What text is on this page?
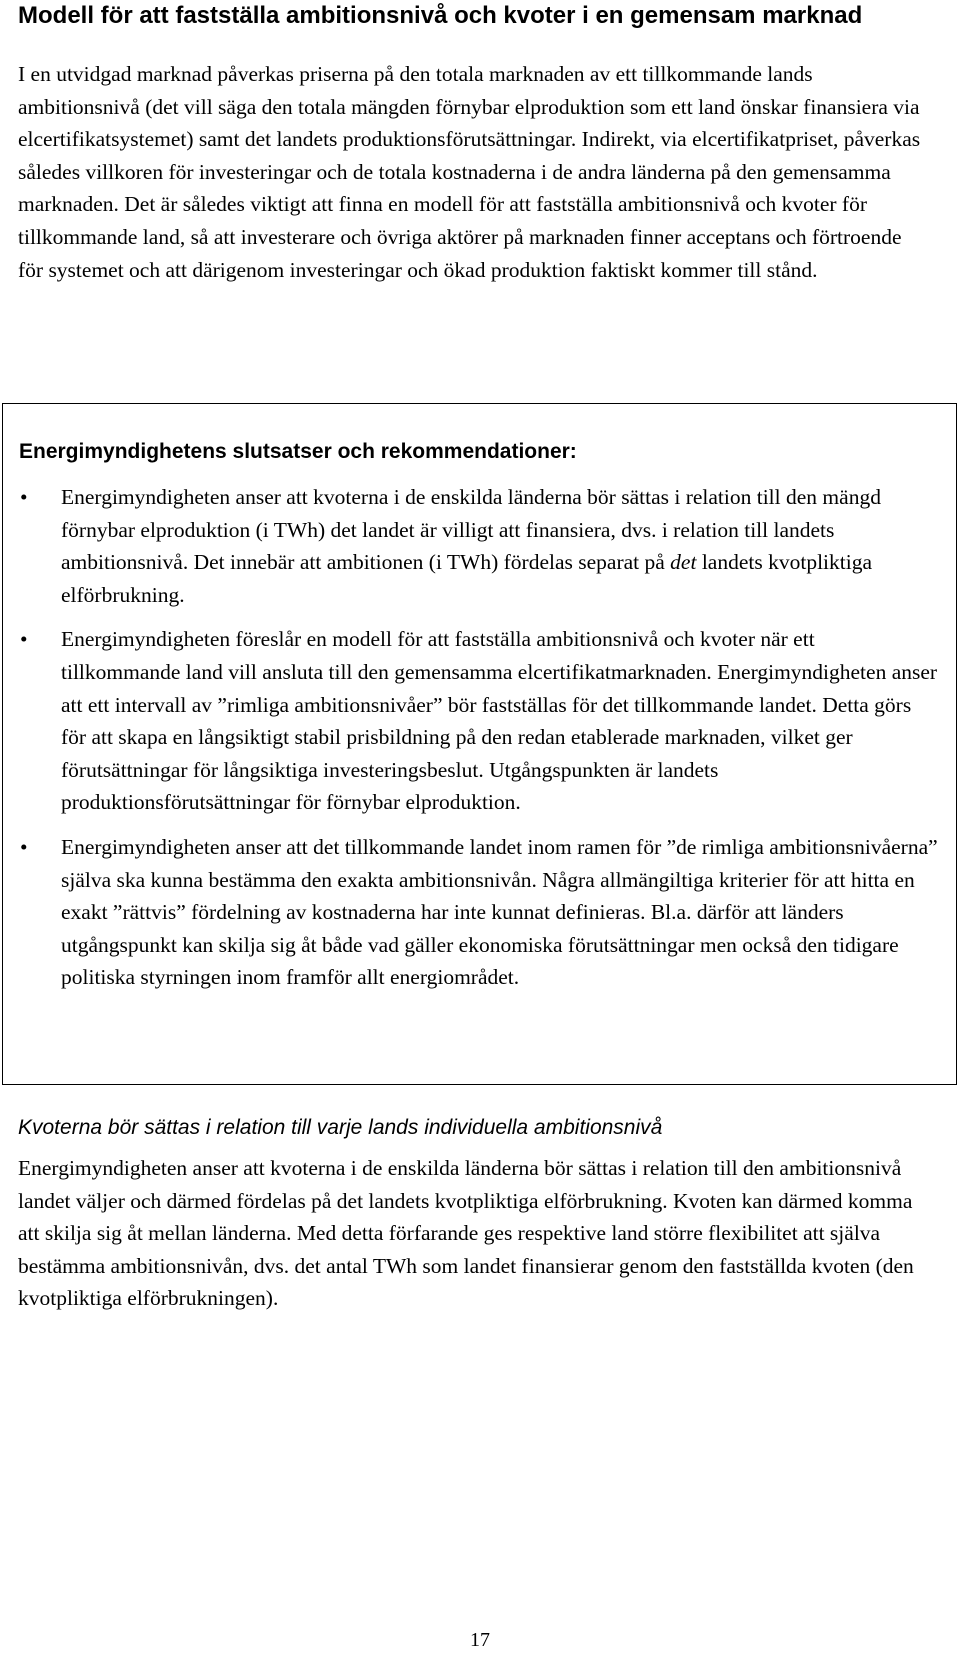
Modell för att fastställa ambitionsnivå och kvoter i en gemensam marknad

I en utvidgad marknad påverkas priserna på den totala marknaden av ett tillkommande lands ambitionsnivå (det vill säga den totala mängden förnybar elproduktion som ett land önskar finansiera via elcertifikatsystemet) samt det landets produktionsförutsättningar. Indirekt, via elcertifikatpriset, påverkas således villkoren för investeringar och de totala kostnaderna i de andra länderna på den gemensamma marknaden. Det är således viktigt att finna en modell för att fastställa ambitionsnivå och kvoter för tillkommande land, så att investerare och övriga aktörer på marknaden finner acceptans och förtroende för systemet och att därigenom investeringar och ökad produktion faktiskt kommer till stånd.

Energimyndighetens slutsatser och rekommendationer:
• Energimyndigheten anser att kvoterna i de enskilda länderna bör sättas i relation till den mängd förnybar elproduktion (i TWh) det landet är villigt att finansiera, dvs. i relation till landets ambitionsnivå. Det innebär att ambitionen (i TWh) fördelas separat på det landets kvotpliktiga elförbrukning.

• Energimyndigheten föreslår en modell för att fastställa ambitionsnivå och kvoter när ett tillkommande land vill ansluta till den gemensamma elcertifikatmarknaden. Energimyndigheten anser att ett intervall av ”rimliga ambitionsnivåer” bör fastställas för det tillkommande landet. Detta görs för att skapa en långsiktigt stabil prisbildning på den redan etablerade marknaden, vilket ger förutsättningar för långsiktiga investeringsbeslut. Utgångspunkten är landets produktionsförutsättningar för förnybar elproduktion.

• Energimyndigheten anser att det tillkommande landet inom ramen för ”de rimliga ambitionsnivåerna” själva ska kunna bestämma den exakta ambitionsnivån. Några allmängiltiga kriterier för att hitta en exakt ”rättvis” fördelning av kostnaderna har inte kunnat definieras. Bl.a. därför att länders utgångspunkt kan skilja sig åt både vad gäller ekonomiska förutsättningar men också den tidigare politiska styrningen inom framför allt energiområdet.

Kvoterna bör sättas i relation till varje lands individuella ambitionsnivå

Energimyndigheten anser att kvoterna i de enskilda länderna bör sättas i relation till den ambitionsnivå landet väljer och därmed fördelas på det landets kvotpliktiga elförbrukning. Kvoten kan därmed komma att skilja sig åt mellan länderna. Med detta förfarande ges respektive land större flexibilitet att själva bestämma ambitionsnivån, dvs. det antal TWh som landet finansierar genom den fastställda kvoten (den kvotpliktiga elförbrukningen).

17
